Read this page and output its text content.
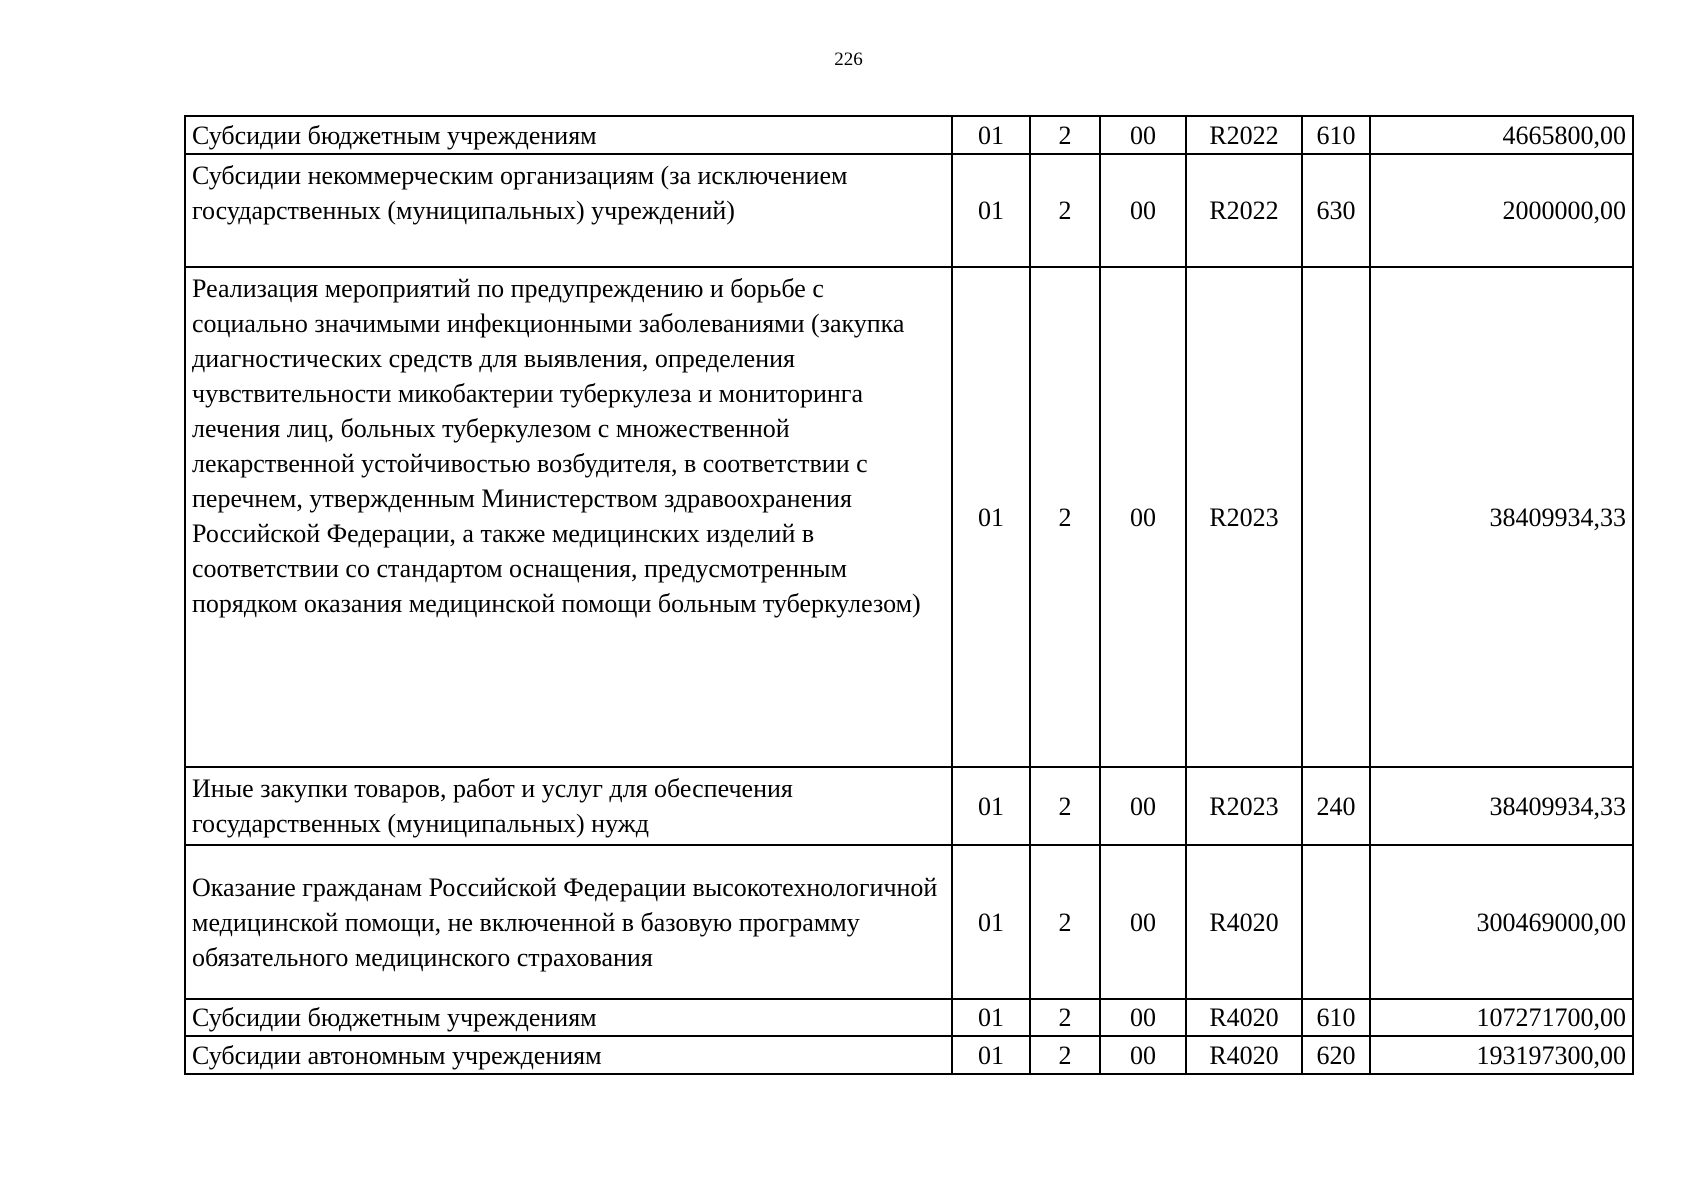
226
Субсидии бюджетным учреждениям	01	2	00	R2022	610	4665800,00
Субсидии некоммерческим организациям (за исключением государственных (муниципальных) учреждений)	01	2	00	R2022	630	2000000,00
Реализация мероприятий по предупреждению и борьбе с социально значимыми инфекционными заболеваниями (закупка диагностических средств для выявления, определения чувствительности микобактерии туберкулеза и мониторинга лечения лиц, больных туберкулезом с множественной лекарственной устойчивостью возбудителя, в соответствии с перечнем, утвержденным Министерством здравоохранения Российской Федерации, а также медицинских изделий в соответствии со стандартом оснащения, предусмотренным порядком оказания медицинской помощи больным туберкулезом)	01	2	00	R2023		38409934,33
Иные закупки товаров, работ и услуг для обеспечения государственных (муниципальных) нужд	01	2	00	R2023	240	38409934,33
Оказание гражданам Российской Федерации высокотехнологичной медицинской помощи, не включенной в базовую программу обязательного медицинского страхования	01	2	00	R4020		300469000,00
Субсидии бюджетным учреждениям	01	2	00	R4020	610	107271700,00
Субсидии автономным учреждениям	01	2	00	R4020	620	193197300,00
